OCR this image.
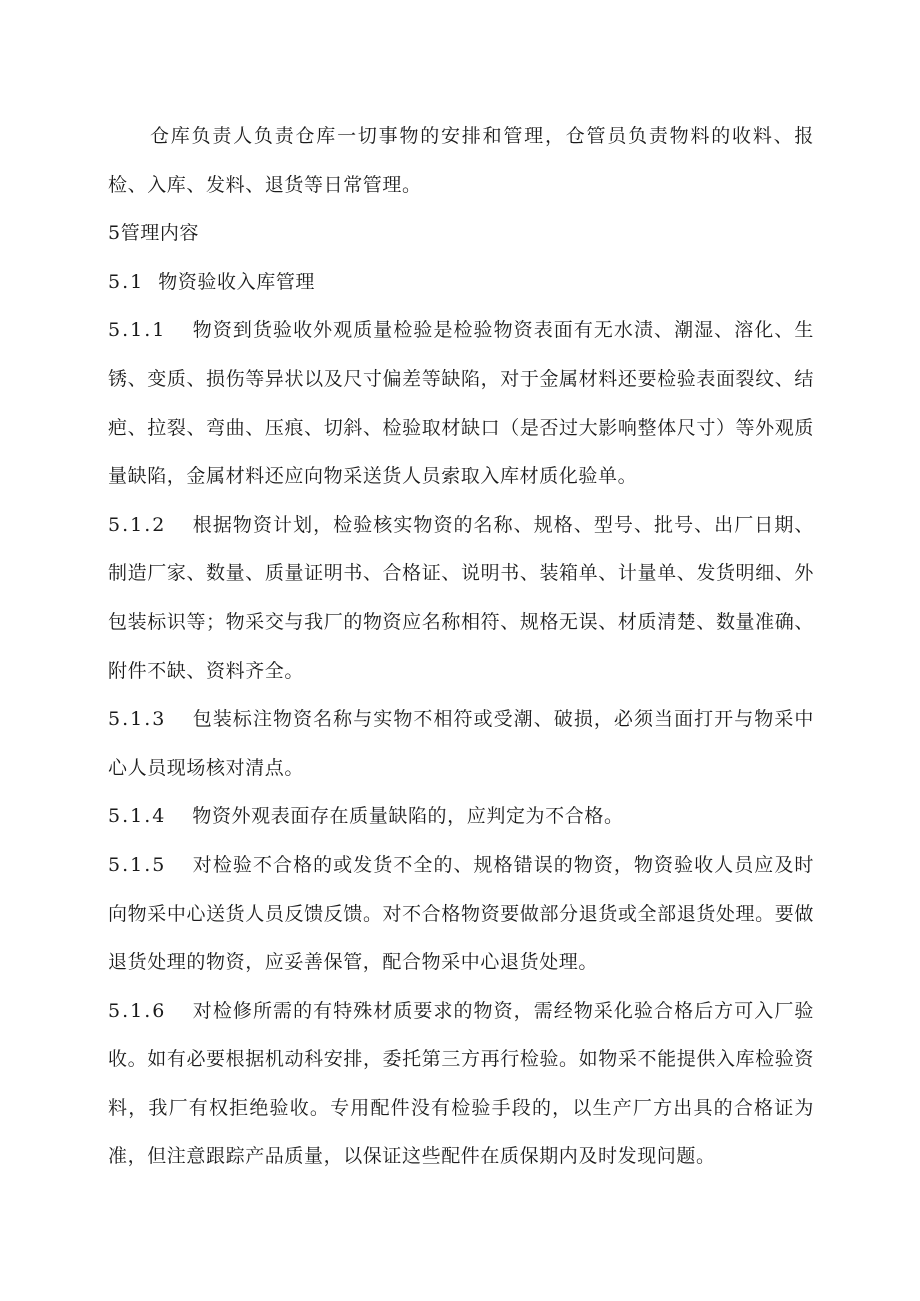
仓库负责人负责仓库一切事物的安排和管理，仓管员负责物料的收料、报检、入库、发料、退货等日常管理。

5管理内容

5.1 物资验收入库管理

5.1.1 物资到货验收外观质量检验是检验物资表面有无水渍、潮湿、溶化、生锈、变质、损伤等异状以及尺寸偏差等缺陷，对于金属材料还要检验表面裂纹、结疤、拉裂、弯曲、压痕、切斜、检验取材缺口（是否过大影响整体尺寸）等外观质量缺陷，金属材料还应向物采送货人员索取入库材质化验单。

5.1.2 根据物资计划，检验核实物资的名称、规格、型号、批号、出厂日期、制造厂家、数量、质量证明书、合格证、说明书、装箱单、计量单、发货明细、外包装标识等；物采交与我厂的物资应名称相符、规格无误、材质清楚、数量准确、附件不缺、资料齐全。

5.1.3 包装标注物资名称与实物不相符或受潮、破损，必须当面打开与物采中心人员现场核对清点。

5.1.4 物资外观表面存在质量缺陷的，应判定为不合格。

5.1.5 对检验不合格的或发货不全的、规格错误的物资，物资验收人员应及时向物采中心送货人员反馈反馈。对不合格物资要做部分退货或全部退货处理。要做退货处理的物资，应妥善保管，配合物采中心退货处理。

5.1.6 对检修所需的有特殊材质要求的物资，需经物采化验合格后方可入厂验收。如有必要根据机动科安排，委托第三方再行检验。如物采不能提供入库检验资料，我厂有权拒绝验收。专用配件没有检验手段的，以生产厂方出具的合格证为准，但注意跟踪产品质量，以保证这些配件在质保期内及时发现问题。
